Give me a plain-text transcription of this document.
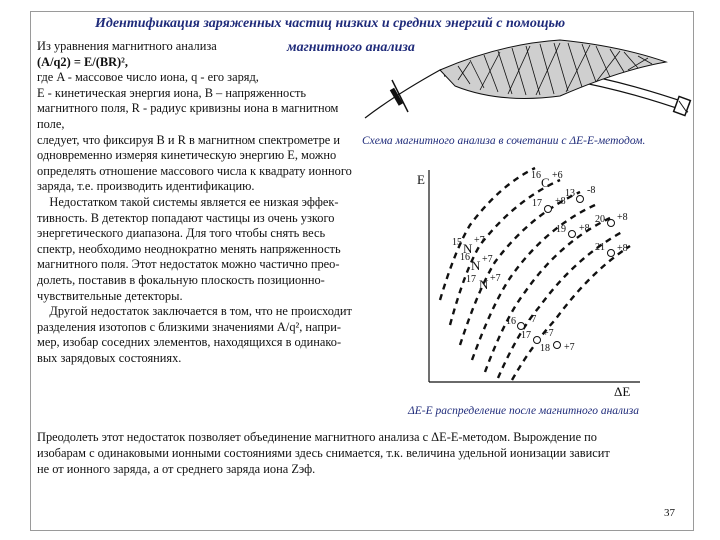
Идентификация заряженных частиц низких и средних энергий с помощью
магнитного анализа
Из уравнения магнитного анализа
(A/q2) = E/(BR)²,
где A - массовое число иона, q - его заряд,
E - кинетическая энергия иона, B – напряженность
магнитного поля, R - радиус кривизны иона в магнитном
поле,
следует, что фиксируя B и R в магнитном спектрометре и
одновременно измеряя кинетическую энергию E, можно
определять отношение массового числа к квадрату ионного
заряда, т.е. производить идентификацию.
Недостатком такой системы является ее низкая эффек-
тивность. В детектор попадают частицы из очень узкого
энергетического диапазона. Для того чтобы снять весь
спектр, необходимо неоднократно менять напряженность
магнитного поля. Этот недостаток можно частично прео-
долеть, поставив в фокальную плоскость позиционно-
чувствительные детекторы.
Другой недостаток заключается в том, что не происходит
разделения изотопов с близкими значениями A/q², напри-
мер, изобар соседних элементов, находящихся в одинако-
вых зарядовых состояниях.
Схема магнитного анализа в сочетании с ΔE-E-методом.
E
ΔE
16 C +6
13 -8
17 +8
20 +8
19 +8
21 +8
15 N
+7
16
N +7
17 N +7
16 -7
17 +7
18 +7
ΔE-E распределение после магнитного анализа
Преодолеть этот недостаток позволяет объединение магнитного анализа с ΔE-E-методом. Вырождение по
изобарам с одинаковыми ионными состояниями здесь снимается, т.к. величина удельной ионизации зависит
не от ионного заряда, а от среднего заряда иона Zэф.
37
